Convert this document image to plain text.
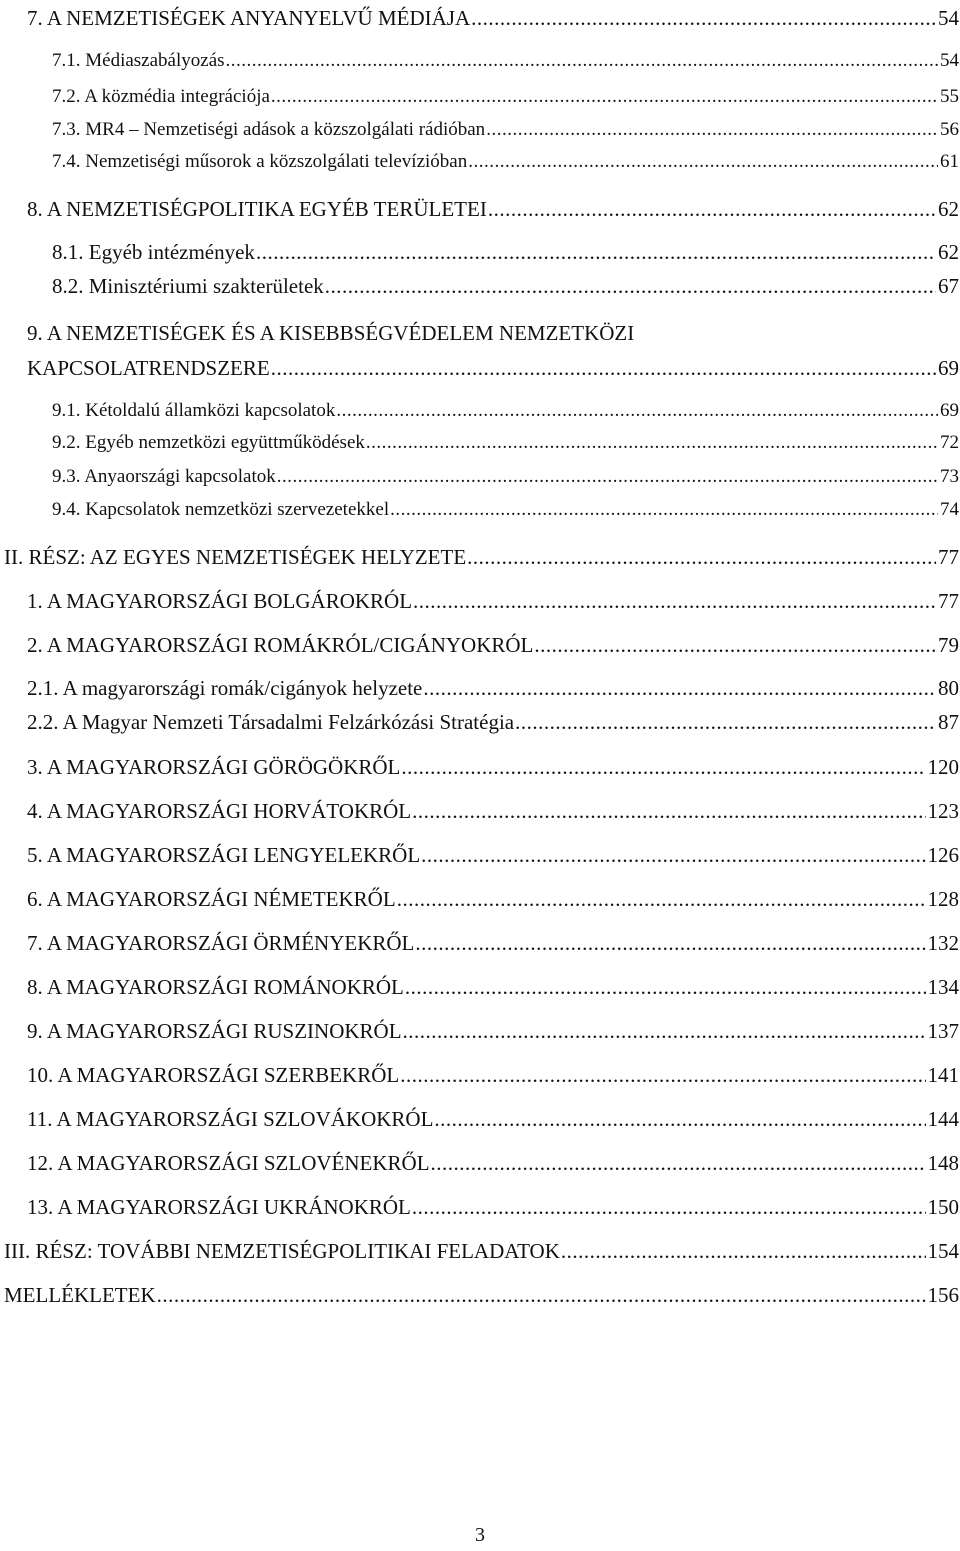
7. A NEMZETISÉGEK ANYANYELVŰ MÉDIÁJA .....	54
7.1. Médiaszabályozás .....	54
7.2. A közmédia integrációja .....	55
7.3. MR4 – Nemzetiségi adások a közszolgálati rádióban .....	56
7.4. Nemzetiségi műsorok a közszolgálati televízióban .....	61
8. A NEMZETISÉGPOLITIKA EGYÉB TERÜLETEI .....	62
8.1. Egyéb intézmények .....	62
8.2. Minisztériumi szakterületek .....	67
9. A NEMZETISÉGEK ÉS A KISEBBSÉGVÉDELEM NEMZETKÖZI
KAPCSOLATRENDSZERE .....	69
9.1. Kétoldalú államközi kapcsolatok .....	69
9.2. Egyéb nemzetközi együttműködések .....	72
9.3. Anyaországi kapcsolatok .....	73
9.4. Kapcsolatok nemzetközi szervezetekkel .....	74
II. RÉSZ: AZ EGYES NEMZETISÉGEK HELYZETE .....	77
1. A MAGYARORSZÁGI BOLGÁROKRÓL .....	77
2. A MAGYARORSZÁGI ROMÁKRÓL/CIGÁNYOKRÓL .....	79
2.1. A magyarországi romák/cigányok helyzete .....	80
2.2. A Magyar Nemzeti Társadalmi Felzárkózási Stratégia .....	87
3. A MAGYARORSZÁGI GÖRÖGÖKRŐL .....	120
4. A MAGYARORSZÁGI HORVÁTOKRÓL .....	123
5. A MAGYARORSZÁGI LENGYELEKRŐL .....	126
6. A MAGYARORSZÁGI NÉMETEKRŐL .....	128
7. A MAGYARORSZÁGI ÖRMÉNYEKRŐL .....	132
8. A MAGYARORSZÁGI ROMÁNOKRÓL .....	134
9. A MAGYARORSZÁGI RUSZINOKRÓL .....	137
10. A MAGYARORSZÁGI SZERBEKRŐL .....	141
11. A MAGYARORSZÁGI SZLOVÁKOKRÓL .....	144
12. A MAGYARORSZÁGI SZLOVÉNEKRŐL .....	148
13. A MAGYARORSZÁGI UKRÁNOKRÓL .....	150
III. RÉSZ: TOVÁBBI NEMZETISÉGPOLITIKAI FELADATOK .....	154
MELLÉKLETEK .....	156
3
